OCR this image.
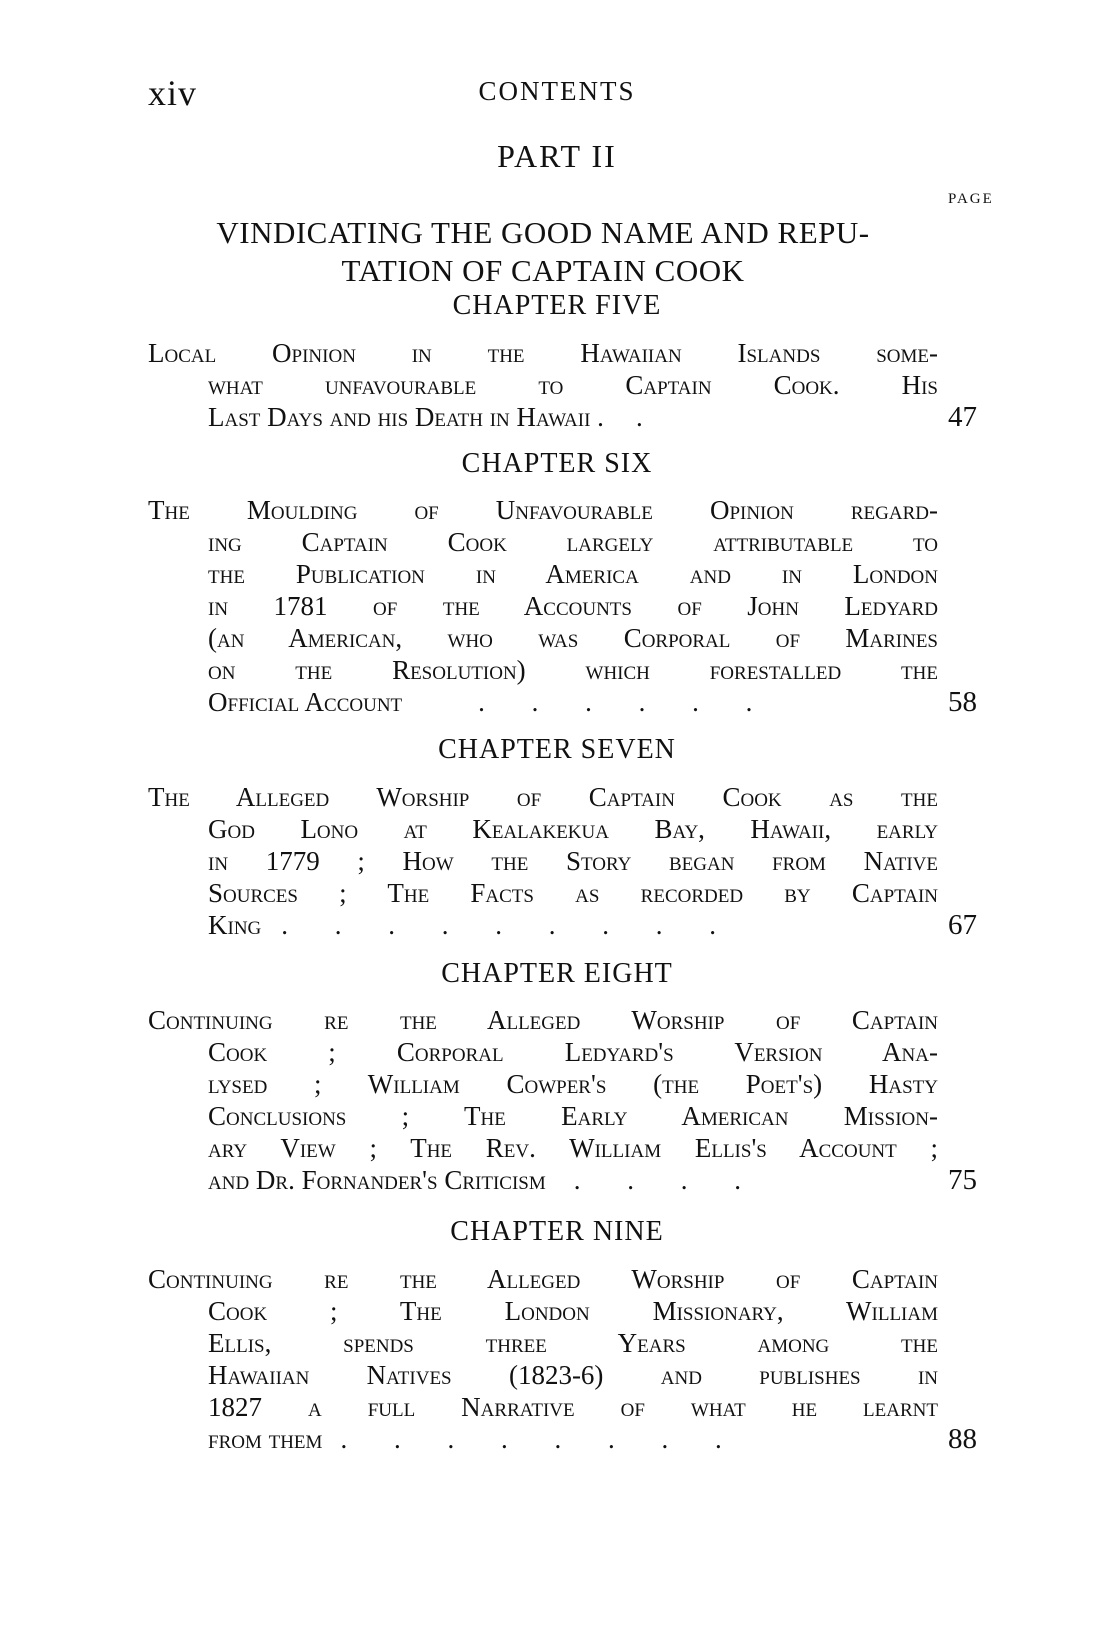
xiv	CONTENTS
PART II
PAGE
VINDICATING THE GOOD NAME AND REPU-
TATION OF CAPTAIN COOK
CHAPTER FIVE
Local Opinion in the Hawaiian Islands some-
what unfavourable to Captain Cook. His
Last Days and his Death in Hawaii . .	47
CHAPTER SIX
The Moulding of Unfavourable Opinion regard-
ing Captain Cook largely attributable to
the Publication in America and in London
in 1781 of the Accounts of John Ledyard
(an American, who was Corporal of Marines
on the Resolution) which forestalled the
Official Account	. . . . . .	58
CHAPTER SEVEN
The Alleged Worship of Captain Cook as the
God Lono at Kealakekua Bay, Hawaii, early
in 1779 ; How the Story began from Native
Sources ; The Facts as recorded by Captain
King . . . . . . . . .	67
CHAPTER EIGHT
Continuing re the Alleged Worship of Captain
Cook ; Corporal Ledyard's Version Ana-
lysed ; William Cowper's (the Poet's) Hasty
Conclusions ; The Early American Mission-
ary View ; The Rev. William Ellis's Account ;
and Dr. Fornander's Criticism . . . .	75
CHAPTER NINE
Continuing re the Alleged Worship of Captain
Cook ; The London Missionary, William
Ellis, spends three Years among the
Hawaiian Natives (1823-6) and publishes in
1827 a full Narrative of what he learnt
from them . . . . . . . .	88
